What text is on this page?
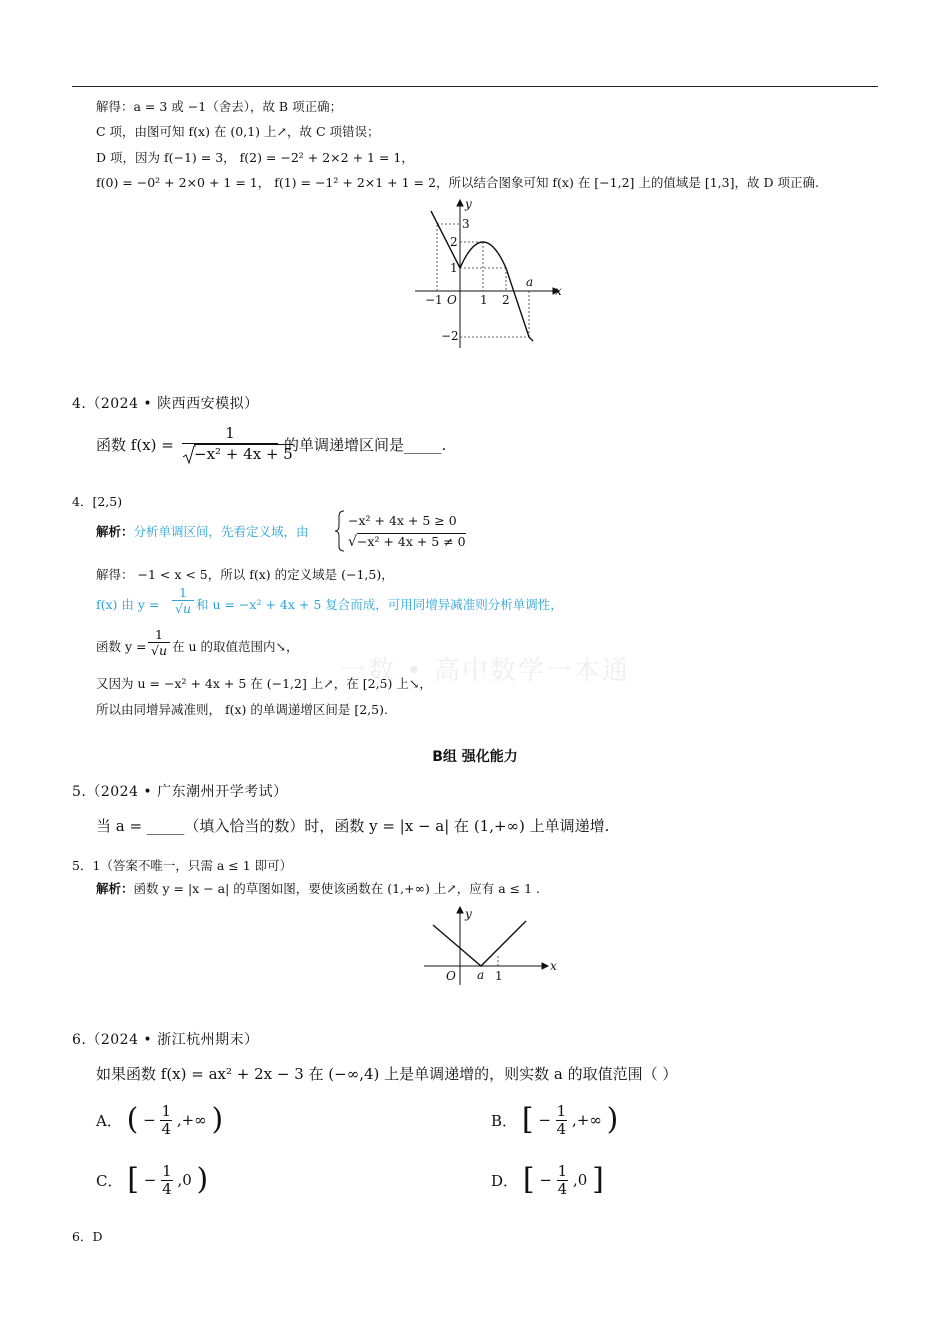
解得：a = 3 或 −1（舍去），故 B 项正确；
C 项，由图可知 f(x) 在 (0,1) 上↗，故 C 项错误；
D 项，因为 f(−1) = 3， f(2) = −2² + 2×2 + 1 = 1，
f(0) = −0² + 2×0 + 1 = 1， f(1) = −1² + 2×1 + 1 = 2，所以结合图象可知 f(x) 在 [−1,2] 上的值域是 [1,3]，故 D 项正确.
y
x
3
2
1
−2
−1 O 1 2
a
4.（2024 • 陕西西安模拟）
函数 $f(x) = \frac{1}{\text{−x² + 4x + 5}}$ 的单调递增区间是_____.
4．[2,5)
解析：分析单调区间，先看定义域，由
−x² + 4x + 5 ≥ 0
√−x² + 4x + 5 ≠ 0
解得： −1 < x < 5，所以 f(x) 的定义域是 (−1,5)，
f(x) 由 $y = \frac{1}{√u}$ 和 u = −x² + 4x + 5 复合而成，可用同增异减准则分析单调性，
函数 $y = \frac{1}{√u}$ 在 u 的取值范围内↘，
又因为 u = −x² + 4x + 5 在 (−1,2] 上↗，在 [2,5) 上↘，
所以由同增异减准则， f(x) 的单调递增区间是 [2,5).
一数 • 高中数学一本通
B组 强化能力
5.（2024 • 广东潮州开学考试）
当 a = _____（填入恰当的数）时，函数 y = |x − a| 在 (1,+∞) 上单调递增.
5．1（答案不唯一，只需 a ≤ 1 即可）
解析：函数 y = |x − a| 的草图如图，要使该函数在 (1,+∞) 上↗，应有 a ≤ 1 .
y
x
O a 1
6.（2024 • 浙江杭州期末）
如果函数 f(x) = ax² + 2x − 3 在 (−∞,4) 上是单调递增的，则实数 a 的取值范围（ ）
A． ( − $\frac{1}{4}$ ,+∞ )	B． [ − $\frac{1}{4}$ ,+∞ )
C． [ − $\frac{1}{4} ,0$ )	D． [ − $\frac{1}{4} ,0$ ]
6．D
